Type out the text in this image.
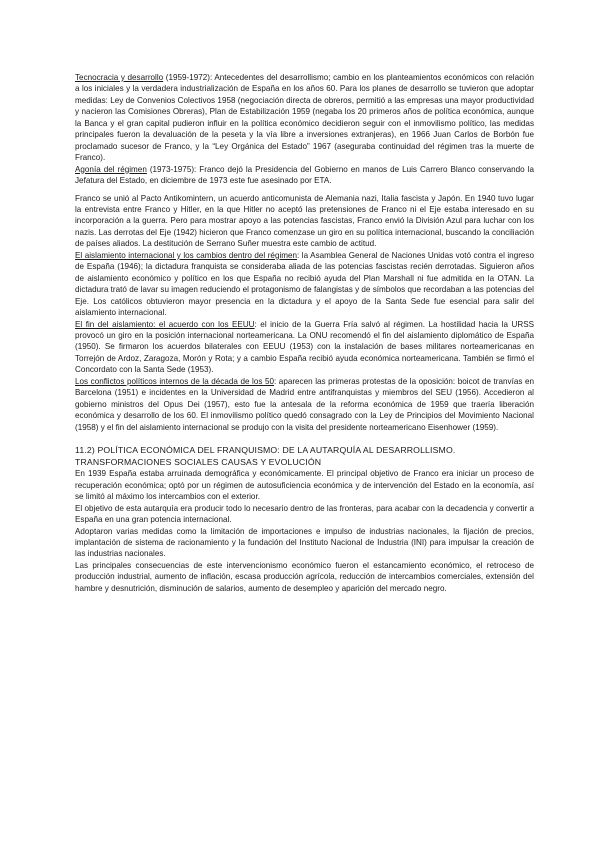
Tecnocracia y desarrollo (1959-1972): Antecedentes del desarrollismo; cambio en los planteamientos económicos con relación a los iniciales y la verdadera industrialización de España en los años 60. Para los planes de desarrollo se tuvieron que adoptar medidas: Ley de Convenios Colectivos 1958 (negociación directa de obreros, permitió a las empresas una mayor productividad y nacieron las Comisiones Obreras), Plan de Estabilización 1959 (negaba los 20 primeros años de política económica, aunque la Banca y el gran capital pudieron influir en la política económico decidieron seguir con el inmovilismo político, las medidas principales fueron la devaluación de la peseta y la vía libre a inversiones extranjeras), en 1966 Juan Carlos de Borbón fue proclamado sucesor de Franco, y la “Ley Orgánica del Estado” 1967 (aseguraba continuidad del régimen tras la muerte de Franco).

Agonía del régimen (1973-1975): Franco dejó la Presidencia del Gobierno en manos de Luis Carrero Blanco conservando la Jefatura del Estado, en diciembre de 1973 este fue asesinado por ETA.

Franco se unió al Pacto Antikomintern, un acuerdo anticomunista de Alemania nazi, Italia fascista y Japón. En 1940 tuvo lugar la entrevista entre Franco y Hitler, en la que Hitler no aceptó las pretensiones de Franco ni el Eje estaba interesado en su incorporación a la guerra. Pero para mostrar apoyo a las potencias fascistas, Franco envió la División Azul para luchar con los nazis. Las derrotas del Eje (1942) hicieron que Franco comenzase un giro en su política internacional, buscando la conciliación de países aliados. La destitución de Serrano Suñer muestra este cambio de actitud.

El aislamiento internacional y los cambios dentro del régimen: la Asamblea General de Naciones Unidas votó contra el ingreso de España (1946); la dictadura franquista se consideraba aliada de las potencias fascistas recién derrotadas. Siguieron años de aislamiento económico y político en los que España no recibió ayuda del Plan Marshall ni fue admitida en la OTAN. La dictadura trató de lavar su imagen reduciendo el protagonismo de falangistas y de símbolos que recordaban a las potencias del Eje. Los católicos obtuvieron mayor presencia en la dictadura y el apoyo de la Santa Sede fue esencial para salir del aislamiento internacional.

El fin del aislamiento: el acuerdo con los EEUU: el inicio de la Guerra Fría salvó al régimen. La hostilidad hacia la URSS provocó un giro en la posición internacional norteamericana. La ONU recomendó el fin del aislamiento diplomático de España (1950). Se firmaron los acuerdos bilaterales con EEUU (1953) con la instalación de bases militares norteamericanas en Torrejón de Ardoz, Zaragoza, Morón y Rota; y a cambio España recibió ayuda económica norteamericana. También se firmó el Concordato con la Santa Sede (1953).

Los conflictos políticos internos de la década de los 50: aparecen las primeras protestas de la oposición: boicot de tranvías en Barcelona (1951) e incidentes en la Universidad de Madrid entre antifranquistas y miembros del SEU (1956). Accedieron al gobierno ministros del Opus Dei (1957), esto fue la antesala de la reforma económica de 1959 que traería liberación económica y desarrollo de los 60. El inmovilismo político quedó consagrado con la Ley de Principios del Movimiento Nacional (1958) y el fin del aislamiento internacional se produjo con la visita del presidente norteamericano Eisenhower (1959).

11.2) POLÍTICA ECONÓMICA DEL FRANQUISMO: DE LA AUTARQUÍA AL DESARROLLISMO. TRANSFORMACIONES SOCIALES CAUSAS Y EVOLUCIÓN

En 1939 España estaba arruinada demográfica y económicamente. El principal objetivo de Franco era iniciar un proceso de recuperación económica; optó por un régimen de autosuficiencia económica y de intervención del Estado en la economía, así se limitó al máximo los intercambios con el exterior.

El objetivo de esta autarquía era producir todo lo necesario dentro de las fronteras, para acabar con la decadencia y convertir a España en una gran potencia internacional.

Adoptaron varias medidas como la limitación de importaciones e impulso de industrias nacionales, la fijación de precios, implantación de sistema de racionamiento y la fundación del Instituto Nacional de Industria (INI) para impulsar la creación de las industrias nacionales.

Las principales consecuencias de este intervencionismo económico fueron el estancamiento económico, el retroceso de producción industrial, aumento de inflación, escasa producción agrícola, reducción de intercambios comerciales, extensión del hambre y desnutrición, disminución de salarios, aumento de desempleo y aparición del mercado negro.
